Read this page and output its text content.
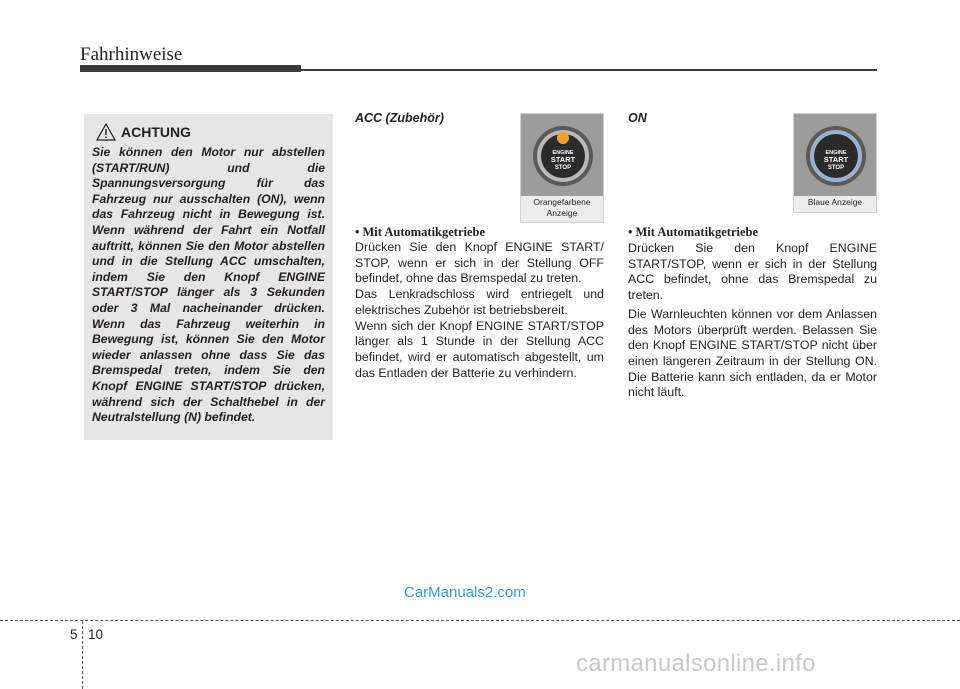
Fahrhinweise
ACHTUNG

Sie können den Motor nur abstellen (START/RUN) und die Spannungsversorgung für das Fahrzeug nur ausschalten (ON), wenn das Fahrzeug nicht in Bewegung ist. Wenn während der Fahrt ein Notfall auftritt, können Sie den Motor abstellen und in die Stellung ACC umschalten, indem Sie den Knopf ENGINE START/STOP länger als 3 Sekunden oder 3 Mal nacheinander drücken. Wenn das Fahrzeug weiterhin in Bewegung ist, können Sie den Motor wieder anlassen ohne dass Sie das Bremspedal treten, indem Sie den Knopf ENGINE START/STOP drücken, während sich der Schalthebel in der Neutralstellung (N) befindet.

ACC (Zubehör)
ENGINE
START
STOP
Orangefarbene Anzeige
• Mit Automatikgetriebe

Drücken Sie den Knopf ENGINE START/ STOP, wenn er sich in der Stellung OFF befindet, ohne das Bremspedal zu treten.

Das Lenkradschloss wird entriegelt und elektrisches Zubehör ist betriebsbereit.

Wenn sich der Knopf ENGINE START/STOP länger als 1 Stunde in der Stellung ACC befindet, wird er automatisch abgestellt, um das Entladen der Batterie zu verhindern.

ON
ENGINE
START
STOP
Blaue Anzeige
• Mit Automatikgetriebe

Drücken Sie den Knopf ENGINE START/STOP, wenn er sich in der Stellung ACC befindet, ohne das Bremspedal zu treten.

Die Warnleuchten können vor dem Anlassen des Motors überprüft werden. Belassen Sie den Knopf ENGINE START/STOP nicht über einen längeren Zeitraum in der Stellung ON. Die Batterie kann sich entladen, da er Motor nicht läuft.

CarManuals2.com
5 10
carmanualsonline.info
